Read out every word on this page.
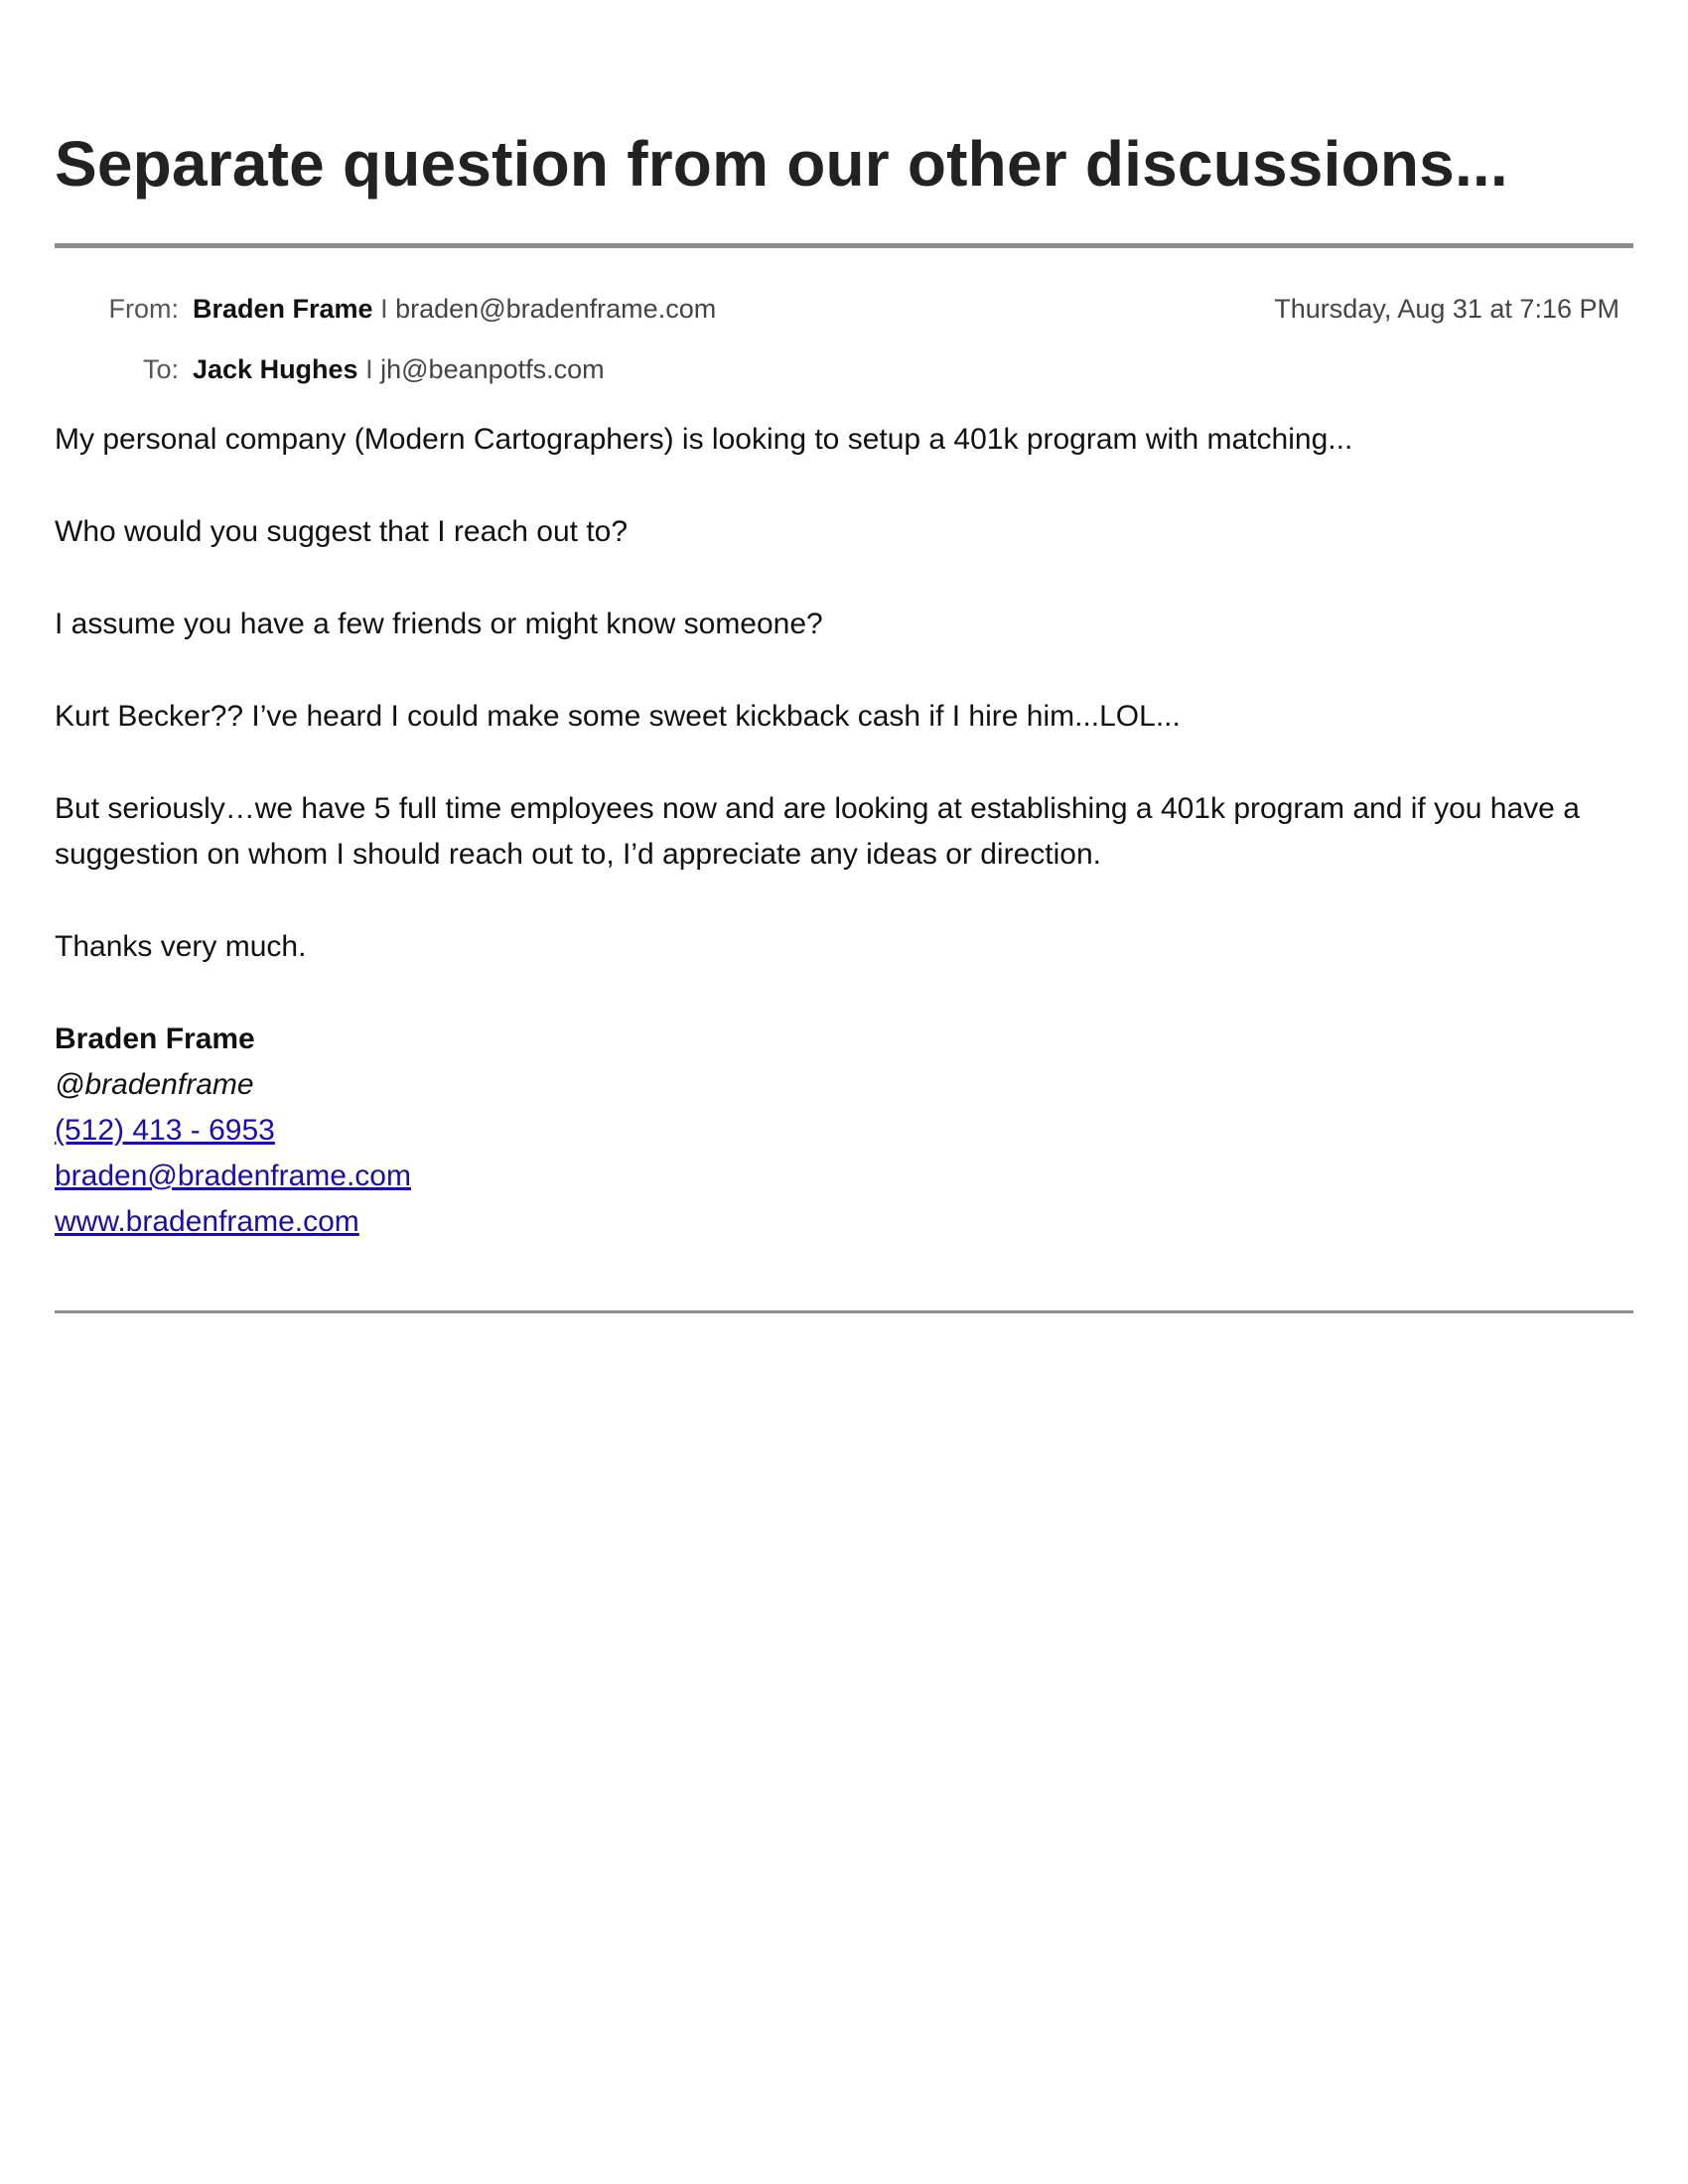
Separate question from our other discussions...
From: Braden Frame I braden@bradenframe.com	Thursday, Aug 31 at 7:16 PM
To: Jack Hughes I jh@beanpotfs.com

My personal company (Modern Cartographers) is looking to setup a 401k program with matching...

Who would you suggest that I reach out to?

I assume you have a few friends or might know someone?

Kurt Becker?? I’ve heard I could make some sweet kickback cash if I hire him...LOL...

But seriously…we have 5 full time employees now and are looking at establishing a 401k program and if you have a suggestion on whom I should reach out to, I’d appreciate any ideas or direction.

Thanks very much.

Braden Frame
@bradenframe
(512) 413 - 6953
braden@bradenframe.com
www.bradenframe.com
